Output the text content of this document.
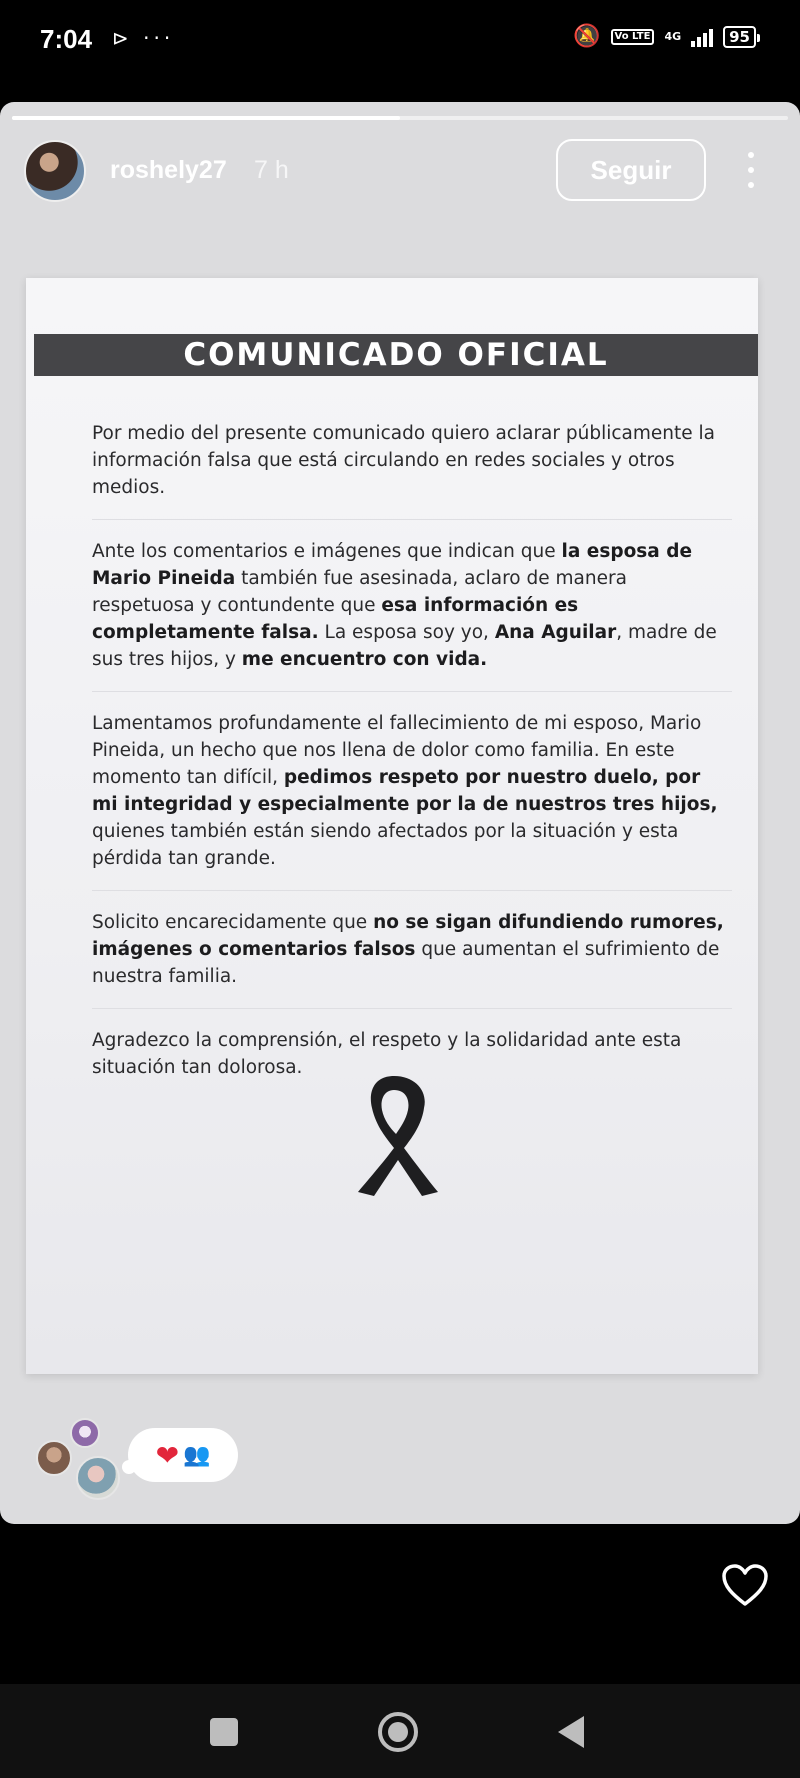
7:04 ⊳ ···	🔕	Vo LTE	4G	95
roshely27 7 h	Seguir
COMUNICADO OFICIAL

Por medio del presente comunicado quiero aclarar públicamente la información falsa que está circulando en redes sociales y otros medios.

Ante los comentarios e imágenes que indican que la esposa de Mario Pineida también fue asesinada, aclaro de manera respetuosa y contundente que esa información es completamente falsa. La esposa soy yo, Ana Aguilar, madre de sus tres hijos, y me encuentro con vida.

Lamentamos profundamente el fallecimiento de mi esposo, Mario Pineida, un hecho que nos llena de dolor como familia. En este momento tan difícil, pedimos respeto por nuestro duelo, por mi integridad y especialmente por la de nuestros tres hijos, quienes también están siendo afectados por la situación y esta pérdida tan grande.

Solicito encarecidamente que no se sigan difundiendo rumores, imágenes o comentarios falsos que aumentan el sufrimiento de nuestra familia.

Agradezco la comprensión, el respeto y la solidaridad ante esta situación tan dolorosa.

❤ 👥
